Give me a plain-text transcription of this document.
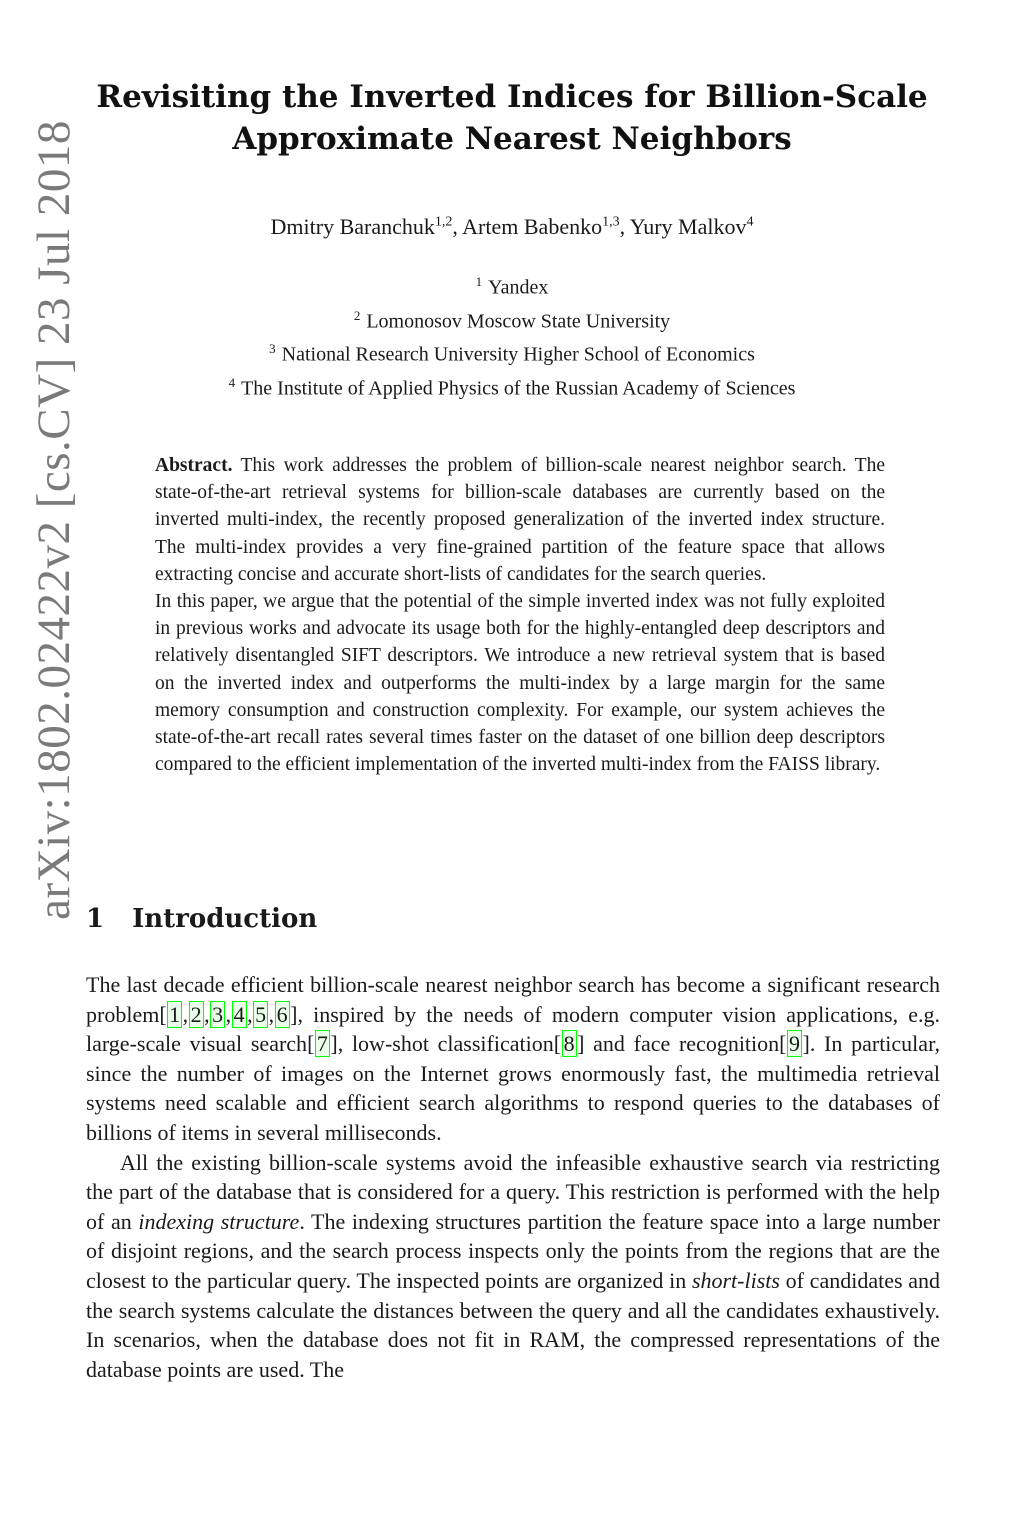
arXiv:1802.02422v2 [cs.CV] 23 Jul 2018
Revisiting the Inverted Indices for Billion-Scale
Approximate Nearest Neighbors
Dmitry Baranchuk$^{1,2}$, Artem Babenko$^{1,3}$, Yury Malkov$^4$
$^1$ Yandex
$^2$ Lomonosov Moscow State University
$^3$ National Research University Higher School of Economics
$^4$ The Institute of Applied Physics of the Russian Academy of Sciences

Abstract. This work addresses the problem of billion-scale nearest neighbor search. The state-of-the-art retrieval systems for billion-scale databases are currently based on the inverted multi-index, the recently proposed generalization of the inverted index structure. The multi-index provides a very fine-grained partition of the feature space that allows extracting concise and accurate short-lists of candidates for the search queries.

In this paper, we argue that the potential of the simple inverted index was not fully exploited in previous works and advocate its usage both for the highly-entangled deep descriptors and relatively disentangled SIFT descriptors. We introduce a new retrieval system that is based on the inverted index and outperforms the multi-index by a large margin for the same memory consumption and construction complexity. For example, our system achieves the state-of-the-art recall rates several times faster on the dataset of one billion deep descriptors compared to the efficient implementation of the inverted multi-index from the FAISS library.

1 Introduction

The last decade efficient billion-scale nearest neighbor search has become a significant research problem[ 1 , 2 , 3 , 4 , 5 , 6 ], inspired by the needs of modern computer vision applications, e.g. large-scale visual search[ 7 ], low-shot classification[ 8 ] and face recognition[ 9 ]. In particular, since the number of images on the Internet grows enormously fast, the multimedia retrieval systems need scalable and efficient search algorithms to respond queries to the databases of billions of items in several milliseconds.

All the existing billion-scale systems avoid the infeasible exhaustive search via restricting the part of the database that is considered for a query. This restriction is performed with the help of an indexing structure. The indexing structures partition the feature space into a large number of disjoint regions, and the search process inspects only the points from the regions that are the closest to the particular query. The inspected points are organized in short-lists of candidates and the search systems calculate the distances between the query and all the candidates exhaustively. In scenarios, when the database does not fit in RAM, the compressed representations of the database points are used. The
